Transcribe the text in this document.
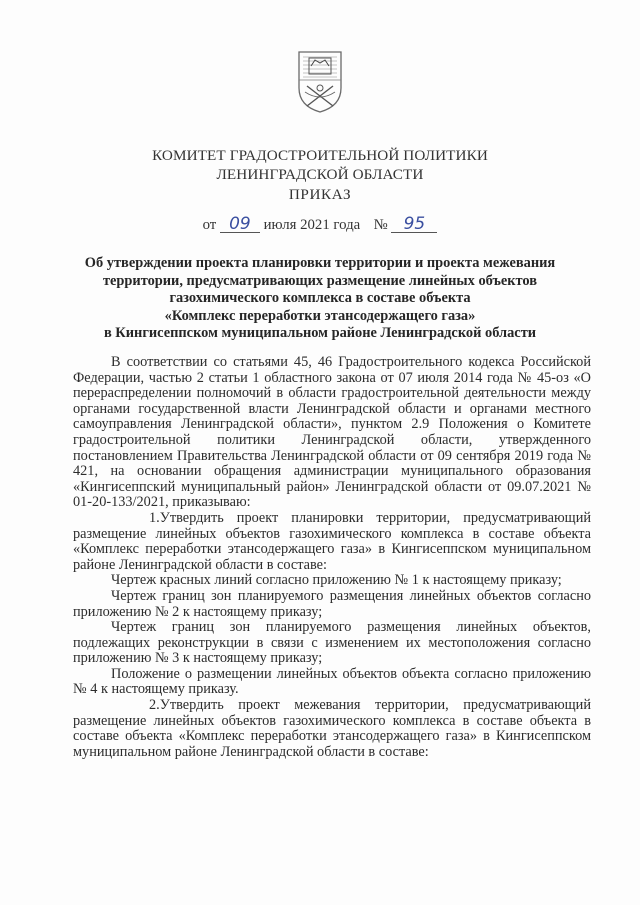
КОМИТЕТ ГРАДОСТРОИТЕЛЬНОЙ ПОЛИТИКИ
ЛЕНИНГРАДСКОЙ ОБЛАСТИ
ПРИКАЗ
от 09 июля 2021 года № 95
Об утверждении проекта планировки территории и проекта межевания
территории, предусматривающих размещение линейных объектов
газохимического комплекса в составе объекта
«Комплекс переработки этансодержащего газа»
в Кингисеппском муниципальном районе Ленинградской области

В соответствии со статьями 45, 46 Градостроительного кодекса Российской Федерации, частью 2 статьи 1 областного закона от 07 июля 2014 года № 45-оз «О перераспределении полномочий в области градостроительной деятельности между органами государственной власти Ленинградской области и органами местного самоуправления Ленинградской области», пунктом 2.9 Положения о Комитете градостроительной политики Ленинградской области, утвержденного постановлением Правительства Ленинградской области от 09 сентября 2019 года № 421, на основании обращения администрации муниципального образования «Кингисеппский муниципальный район» Ленинградской области от 09.07.2021 № 01-20-133/2021, приказываю:

1.Утвердить проект планировки территории, предусматривающий размещение линейных объектов газохимического комплекса в составе объекта «Комплекс переработки этансодержащего газа» в Кингисеппском муниципальном районе Ленинградской области в составе:

Чертеж красных линий согласно приложению № 1 к настоящему приказу;

Чертеж границ зон планируемого размещения линейных объектов согласно приложению № 2 к настоящему приказу;

Чертеж границ зон планируемого размещения линейных объектов, подлежащих реконструкции в связи с изменением их местоположения согласно приложению № 3 к настоящему приказу;

Положение о размещении линейных объектов объекта согласно приложению № 4 к настоящему приказу.

2.Утвердить проект межевания территории, предусматривающий размещение линейных объектов газохимического комплекса в составе объекта в составе объекта «Комплекс переработки этансодержащего газа» в Кингисеппском муниципальном районе Ленинградской области в составе:
